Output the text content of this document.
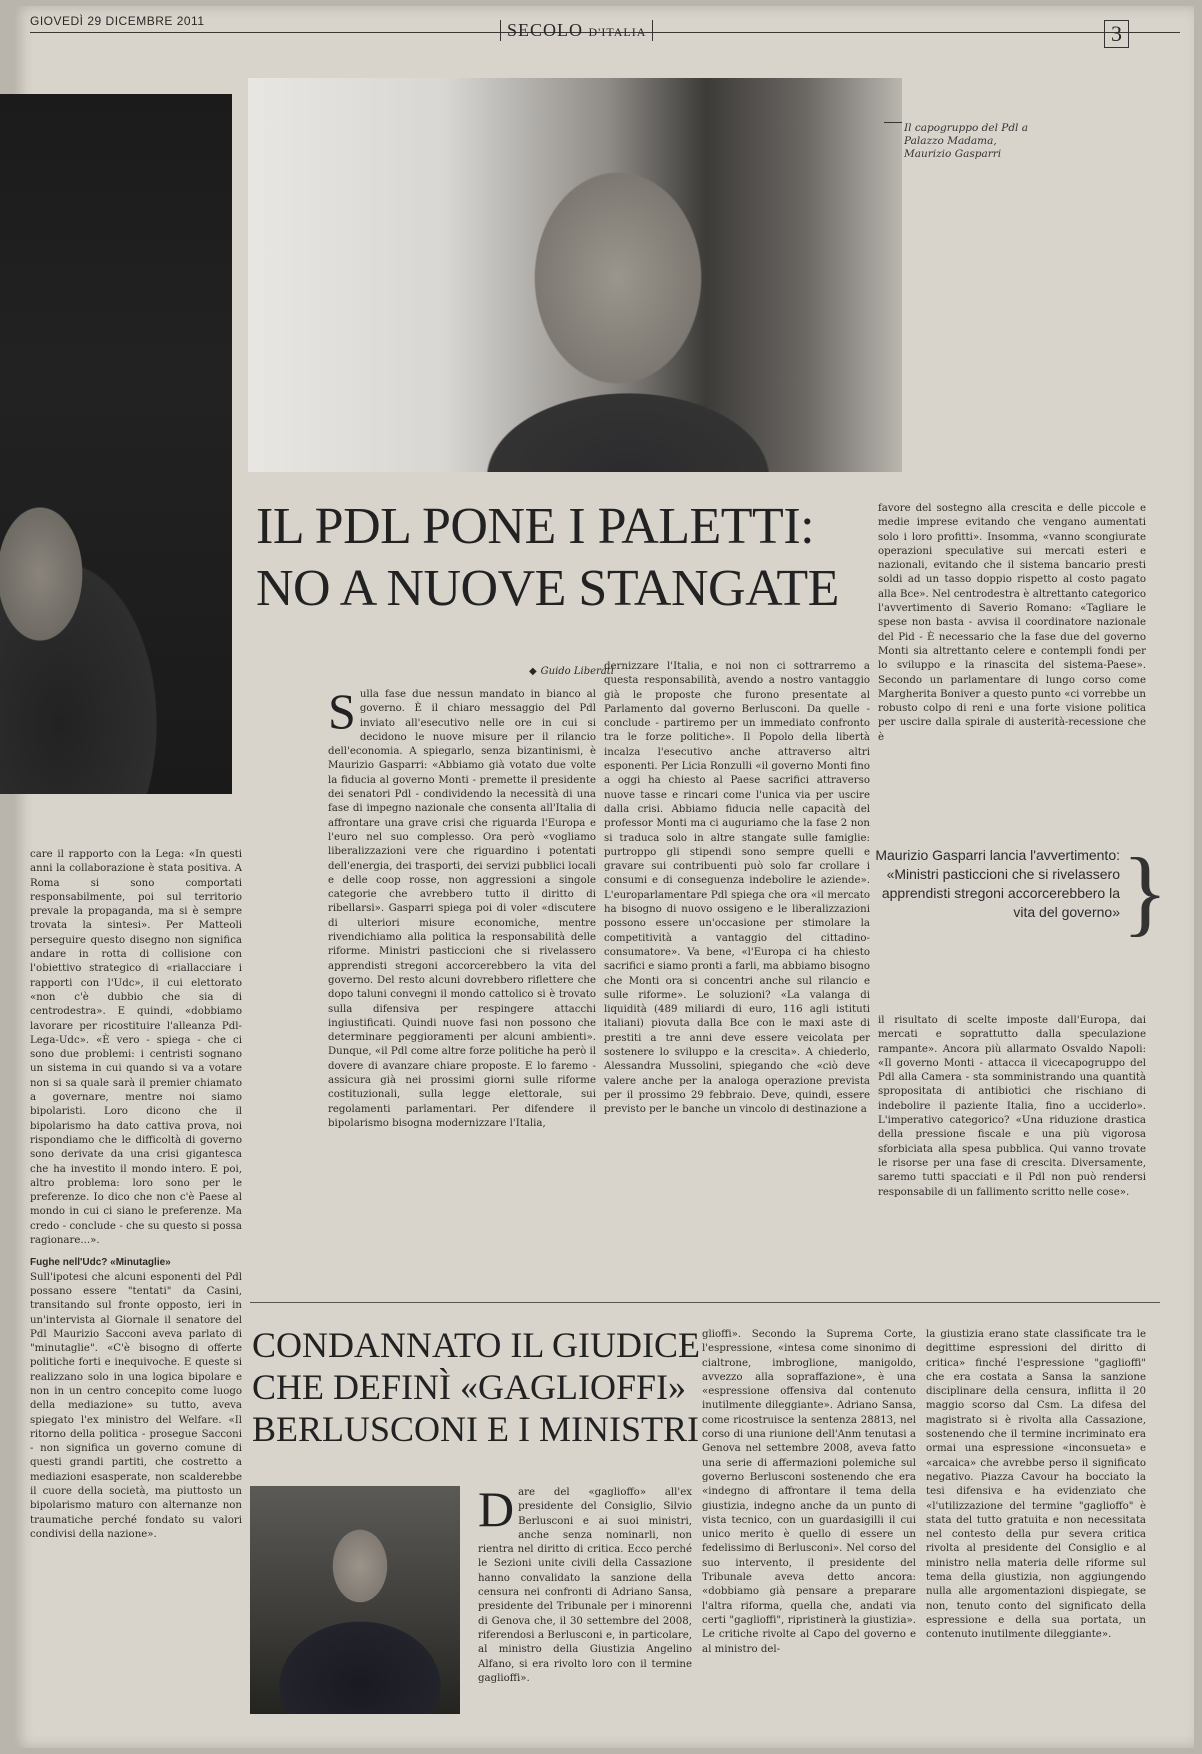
GIOVEDÌ 29 DICEMBRE 2011	SECOLO D'ITALIA	3
Il capogruppo del Pdl a Palazzo Madama, Maurizio Gasparri
IL PDL PONE I PALETTI: NO A NUOVE STANGATE
◆ Guido Liberati
Sulla fase due nessun mandato in bianco al governo. È il chiaro messaggio del Pdl inviato all'esecutivo nelle ore in cui si decidono le nuove misure per il rilancio dell'economia. A spiegarlo, senza bizantinismi, è Maurizio Gasparri: «Abbiamo già votato due volte la fiducia al governo Monti - premette il presidente dei senatori Pdl - condividendo la necessità di una fase di impegno nazionale che consenta all'Italia di affrontare una grave crisi che riguarda l'Europa e l'euro nel suo complesso. Ora però «vogliamo liberalizzazioni vere che riguardino i potentati dell'energia, dei trasporti, dei servizi pubblici locali e delle coop rosse, non aggressioni a singole categorie che avrebbero tutto il diritto di ribellarsi». Gasparri spiega poi di voler «discutere di ulteriori misure economiche, mentre rivendichiamo alla politica la responsabilità delle riforme. Ministri pasticcioni che si rivelassero apprendisti stregoni accorcerebbero la vita del governo. Del resto alcuni dovrebbero riflettere che dopo taluni convegni il mondo cattolico si è trovato sulla difensiva per respingere attacchi ingiustificati. Quindi nuove fasi non possono che determinare peggioramenti per alcuni ambienti». Dunque, «il Pdl come altre forze politiche ha però il dovere di avanzare chiare proposte. E lo faremo - assicura già nei prossimi giorni sulle riforme costituzionali, sulla legge elettorale, sui regolamenti parlamentari. Per difendere il bipolarismo bisogna modernizzare l'Italia,
dernizzare l'Italia, e noi non ci sottrarremo a questa responsabilità, avendo a nostro vantaggio già le proposte che furono presentate al Parlamento dal governo Berlusconi. Da quelle - conclude - partiremo per un immediato confronto tra le forze politiche». Il Popolo della libertà incalza l'esecutivo anche attraverso altri esponenti. Per Licia Ronzulli «il governo Monti fino a oggi ha chiesto al Paese sacrifici attraverso nuove tasse e rincari come l'unica via per uscire dalla crisi. Abbiamo fiducia nelle capacità del professor Monti ma ci auguriamo che la fase 2 non si traduca solo in altre stangate sulle famiglie: purtroppo gli stipendi sono sempre quelli e gravare sui contribuenti può solo far crollare i consumi e di conseguenza indebolire le aziende». L'europarlamentare Pdl spiega che ora «il mercato ha bisogno di nuovo ossigeno e le liberalizzazioni possono essere un'occasione per stimolare la competitività a vantaggio del cittadino-consumatore». Va bene, «l'Europa ci ha chiesto sacrifici e siamo pronti a farli, ma abbiamo bisogno che Monti ora si concentri anche sul rilancio e sulle riforme». Le soluzioni? «La valanga di liquidità (489 miliardi di euro, 116 agli istituti italiani) piovuta dalla Bce con le maxi aste di prestiti a tre anni deve essere veicolata per sostenere lo sviluppo e la crescita». A chiederlo, Alessandra Mussolini, spiegando che «ciò deve valere anche per la analoga operazione prevista per il prossimo 29 febbraio. Deve, quindi, essere previsto per le banche un vincolo di destinazione a
favore del sostegno alla crescita e delle piccole e medie imprese evitando che vengano aumentati solo i loro profitti». Insomma, «vanno scongiurate operazioni speculative sui mercati esteri e nazionali, evitando che il sistema bancario presti soldi ad un tasso doppio rispetto al costo pagato alla Bce». Nel centrodestra è altrettanto categorico l'avvertimento di Saverio Romano: «Tagliare le spese non basta - avvisa il coordinatore nazionale del Pid - È necessario che la fase due del governo Monti sia altrettanto celere e contempli fondi per lo sviluppo e la rinascita del sistema-Paese». Secondo un parlamentare di lungo corso come Margherita Boniver a questo punto «ci vorrebbe un robusto colpo di reni e una forte visione politica per uscire dalla spirale di austerità-recessione che è
Maurizio Gasparri lancia l'avvertimento: «Ministri pasticcioni che si rivelassero apprendisti stregoni accorcerebbero la vita del governo» }
il risultato di scelte imposte dall'Europa, dai mercati e soprattutto dalla speculazione rampante». Ancora più allarmato Osvaldo Napoli: «Il governo Monti - attacca il vicecapogruppo del Pdl alla Camera - sta somministrando una quantità spropositata di antibiotici che rischiano di indebolire il paziente Italia, fino a ucciderlo». L'imperativo categorico? «Una riduzione drastica della pressione fiscale e una più vigorosa sforbiciata alla spesa pubblica. Qui vanno trovate le risorse per una fase di crescita. Diversamente, saremo tutti spacciati e il Pdl non può rendersi responsabile di un fallimento scritto nelle cose».
care il rapporto con la Lega: «In questi anni la collaborazione è stata positiva. A Roma si sono comportati responsabilmente, poi sul territorio prevale la propaganda, ma si è sempre trovata la sintesi». Per Matteoli perseguire questo disegno non significa andare in rotta di collisione con l'obiettivo strategico di «riallacciare i rapporti con l'Udc», il cui elettorato «non c'è dubbio che sia di centrodestra». E quindi, «dobbiamo lavorare per ricostituire l'alleanza Pdl-Lega-Udc». «È vero - spiega - che ci sono due problemi: i centristi sognano un sistema in cui quando si va a votare non si sa quale sarà il premier chiamato a governare, mentre noi siamo bipolaristi. Loro dicono che il bipolarismo ha dato cattiva prova, noi rispondiamo che le difficoltà di governo sono derivate da una crisi gigantesca che ha investito il mondo intero. E poi, altro problema: loro sono per le preferenze. Io dico che non c'è Paese al mondo in cui ci siano le preferenze. Ma credo - conclude - che su questo si possa ragionare...».

Fughe nell'Udc? «Minutaglie»

Sull'ipotesi che alcuni esponenti del Pdl possano essere "tentati" da Casini, transitando sul fronte opposto, ieri in un'intervista al Giornale il senatore del Pdl Maurizio Sacconi aveva parlato di "minutaglie". «C'è bisogno di offerte politiche forti e inequivoche. E queste si realizzano solo in una logica bipolare e non in un centro concepito come luogo della mediazione» su tutto, aveva spiegato l'ex ministro del Welfare. «Il ritorno della politica - prosegue Sacconi - non significa un governo comune di questi grandi partiti, che costretto a mediazioni esasperate, non scalderebbe il cuore della società, ma piuttosto un bipolarismo maturo con alternanze non traumatiche perché fondato su valori condivisi della nazione».
CONDANNATO IL GIUDICE CHE DEFINÌ «GAGLIOFFI» BERLUSCONI E I MINISTRI
Dare del «gaglioffo» all'ex presidente del Consiglio, Silvio Berlusconi e ai suoi ministri, anche senza nominarli, non rientra nel diritto di critica. Ecco perché le Sezioni unite civili della Cassazione hanno convalidato la sanzione della censura nei confronti di Adriano Sansa, presidente del Tribunale per i minorenni di Genova che, il 30 settembre del 2008, riferendosi a Berlusconi e, in particolare, al ministro della Giustizia Angelino Alfano, si era rivolto loro con il termine gaglioffi».
glioffi». Secondo la Suprema Corte, l'espressione, «intesa come sinonimo di cialtrone, imbroglione, manigoldo, avvezzo alla sopraffazione», è una «espressione offensiva dal contenuto inutilmente dileggiante». Adriano Sansa, come ricostruisce la sentenza 28813, nel corso di una riunione dell'Anm tenutasi a Genova nel settembre 2008, aveva fatto una serie di affermazioni polemiche sul governo Berlusconi sostenendo che era «indegno di affrontare il tema della giustizia, indegno anche da un punto di vista tecnico, con un guardasigilli il cui unico merito è quello di essere un fedelissimo di Berlusconi». Nel corso del suo intervento, il presidente del Tribunale aveva detto ancora: «dobbiamo già pensare a preparare l'altra riforma, quella che, andati via certi "gaglioffi", ripristinerà la giustizia». Le critiche rivolte al Capo del governo e al ministro del-
la giustizia erano state classificate tra le degittime espressioni del diritto di critica» finché l'espressione "gaglioffi" che era costata a Sansa la sanzione disciplinare della censura, inflitta il 20 maggio scorso dal Csm. La difesa del magistrato si è rivolta alla Cassazione, sostenendo che il termine incriminato era ormai una espressione «inconsueta» e «arcaica» che avrebbe perso il significato negativo. Piazza Cavour ha bocciato la tesi difensiva e ha evidenziato che «l'utilizzazione del termine "gaglioffo" è stata del tutto gratuita e non necessitata nel contesto della pur severa critica rivolta al presidente del Consiglio e al ministro nella materia delle riforme sul tema della giustizia, non aggiungendo nulla alle argomentazioni dispiegate, se non, tenuto conto del significato della espressione e della sua portata, un contenuto inutilmente dileggiante».
